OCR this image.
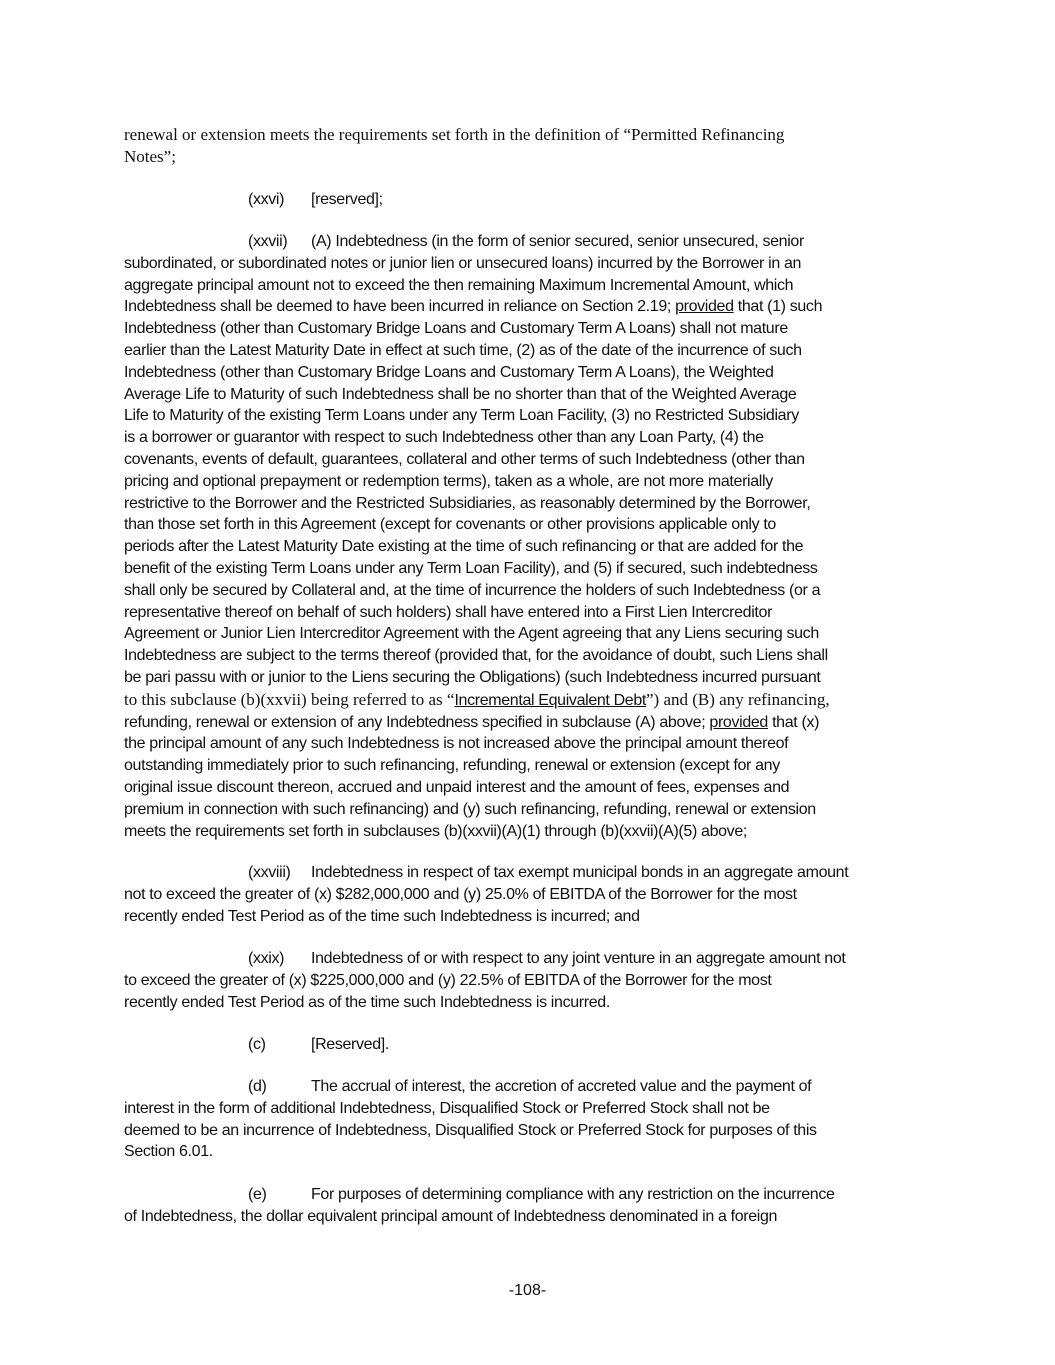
renewal or extension meets the requirements set forth in the definition of “Permitted Refinancing
Notes”;
(xxvi) [reserved];
(xxvii) (A) Indebtedness (in the form of senior secured, senior unsecured, senior
subordinated, or subordinated notes or junior lien or unsecured loans) incurred by the Borrower in an
aggregate principal amount not to exceed the then remaining Maximum Incremental Amount, which
Indebtedness shall be deemed to have been incurred in reliance on Section 2.19; provided that (1) such
Indebtedness (other than Customary Bridge Loans and Customary Term A Loans) shall not mature
earlier than the Latest Maturity Date in effect at such time, (2) as of the date of the incurrence of such
Indebtedness (other than Customary Bridge Loans and Customary Term A Loans), the Weighted
Average Life to Maturity of such Indebtedness shall be no shorter than that of the Weighted Average
Life to Maturity of the existing Term Loans under any Term Loan Facility, (3) no Restricted Subsidiary
is a borrower or guarantor with respect to such Indebtedness other than any Loan Party, (4) the
covenants, events of default, guarantees, collateral and other terms of such Indebtedness (other than
pricing and optional prepayment or redemption terms), taken as a whole, are not more materially
restrictive to the Borrower and the Restricted Subsidiaries, as reasonably determined by the Borrower,
than those set forth in this Agreement (except for covenants or other provisions applicable only to
periods after the Latest Maturity Date existing at the time of such refinancing or that are added for the
benefit of the existing Term Loans under any Term Loan Facility), and (5) if secured, such indebtedness
shall only be secured by Collateral and, at the time of incurrence the holders of such Indebtedness (or a
representative thereof on behalf of such holders) shall have entered into a First Lien Intercreditor
Agreement or Junior Lien Intercreditor Agreement with the Agent agreeing that any Liens securing such
Indebtedness are subject to the terms thereof (provided that, for the avoidance of doubt, such Liens shall
be pari passu with or junior to the Liens securing the Obligations) (such Indebtedness incurred pursuant
to this subclause (b)(xxvii) being referred to as “Incremental Equivalent Debt”) and (B) any refinancing,
refunding, renewal or extension of any Indebtedness specified in subclause (A) above; provided that (x)
the principal amount of any such Indebtedness is not increased above the principal amount thereof
outstanding immediately prior to such refinancing, refunding, renewal or extension (except for any
original issue discount thereon, accrued and unpaid interest and the amount of fees, expenses and
premium in connection with such refinancing) and (y) such refinancing, refunding, renewal or extension
meets the requirements set forth in subclauses (b)(xxvii)(A)(1) through (b)(xxvii)(A)(5) above;
(xxviii) Indebtedness in respect of tax exempt municipal bonds in an aggregate amount
not to exceed the greater of (x) $282,000,000 and (y) 25.0% of EBITDA of the Borrower for the most
recently ended Test Period as of the time such Indebtedness is incurred; and
(xxix) Indebtedness of or with respect to any joint venture in an aggregate amount not
to exceed the greater of (x) $225,000,000 and (y) 22.5% of EBITDA of the Borrower for the most
recently ended Test Period as of the time such Indebtedness is incurred.
(c)	[Reserved].
(d)	The accrual of interest, the accretion of accreted value and the payment of
interest in the form of additional Indebtedness, Disqualified Stock or Preferred Stock shall not be
deemed to be an incurrence of Indebtedness, Disqualified Stock or Preferred Stock for purposes of this
Section 6.01.
(e)	For purposes of determining compliance with any restriction on the incurrence
of Indebtedness, the dollar equivalent principal amount of Indebtedness denominated in a foreign
-108-
